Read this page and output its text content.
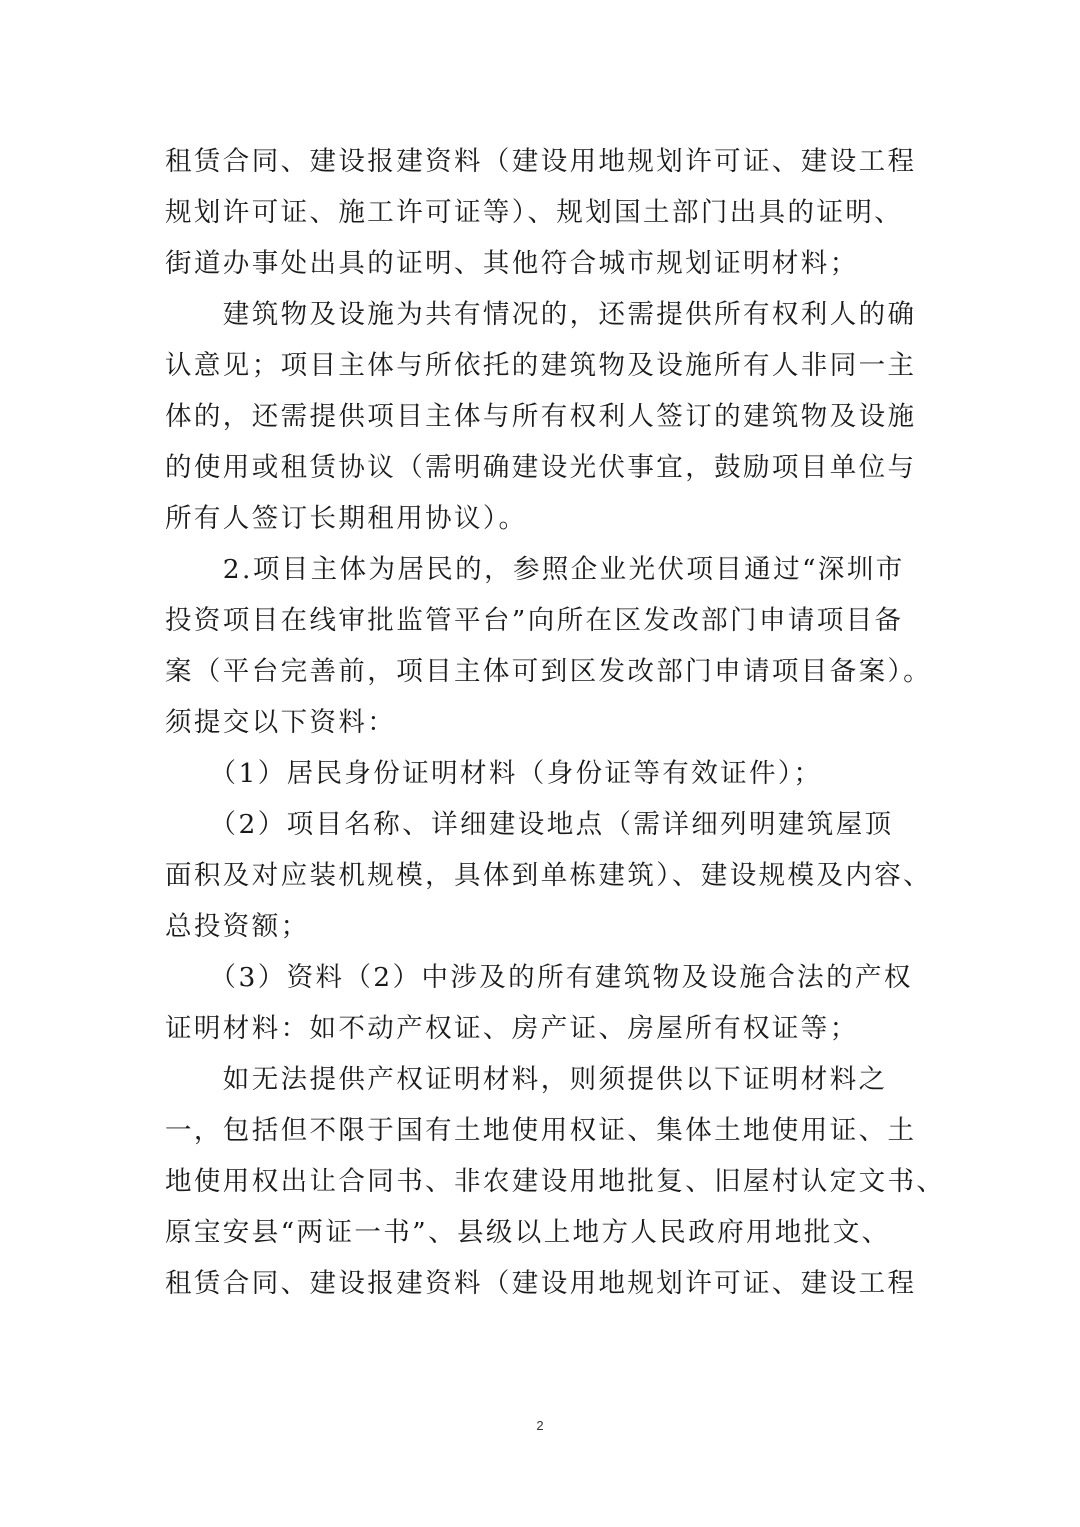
租赁合同、建设报建资料（建设用地规划许可证、建设工程
规划许可证、施工许可证等）、规划国土部门出具的证明、
街道办事处出具的证明、其他符合城市规划证明材料；
　　建筑物及设施为共有情况的，还需提供所有权利人的确
认意见；项目主体与所依托的建筑物及设施所有人非同一主
体的，还需提供项目主体与所有权利人签订的建筑物及设施
的使用或租赁协议（需明确建设光伏事宜，鼓励项目单位与
所有人签订长期租用协议）。
　　2.项目主体为居民的，参照企业光伏项目通过“深圳市
投资项目在线审批监管平台”向所在区发改部门申请项目备
案（平台完善前，项目主体可到区发改部门申请项目备案）。
须提交以下资料：
　　（1）居民身份证明材料（身份证等有效证件）；
　　（2）项目名称、详细建设地点（需详细列明建筑屋顶
面积及对应装机规模，具体到单栋建筑）、建设规模及内容、
总投资额；
　　（3）资料（2）中涉及的所有建筑物及设施合法的产权
证明材料：如不动产权证、房产证、房屋所有权证等；
　　如无法提供产权证明材料，则须提供以下证明材料之
一，包括但不限于国有土地使用权证、集体土地使用证、土
地使用权出让合同书、非农建设用地批复、旧屋村认定文书、
原宝安县“两证一书”、县级以上地方人民政府用地批文、
租赁合同、建设报建资料（建设用地规划许可证、建设工程
2
